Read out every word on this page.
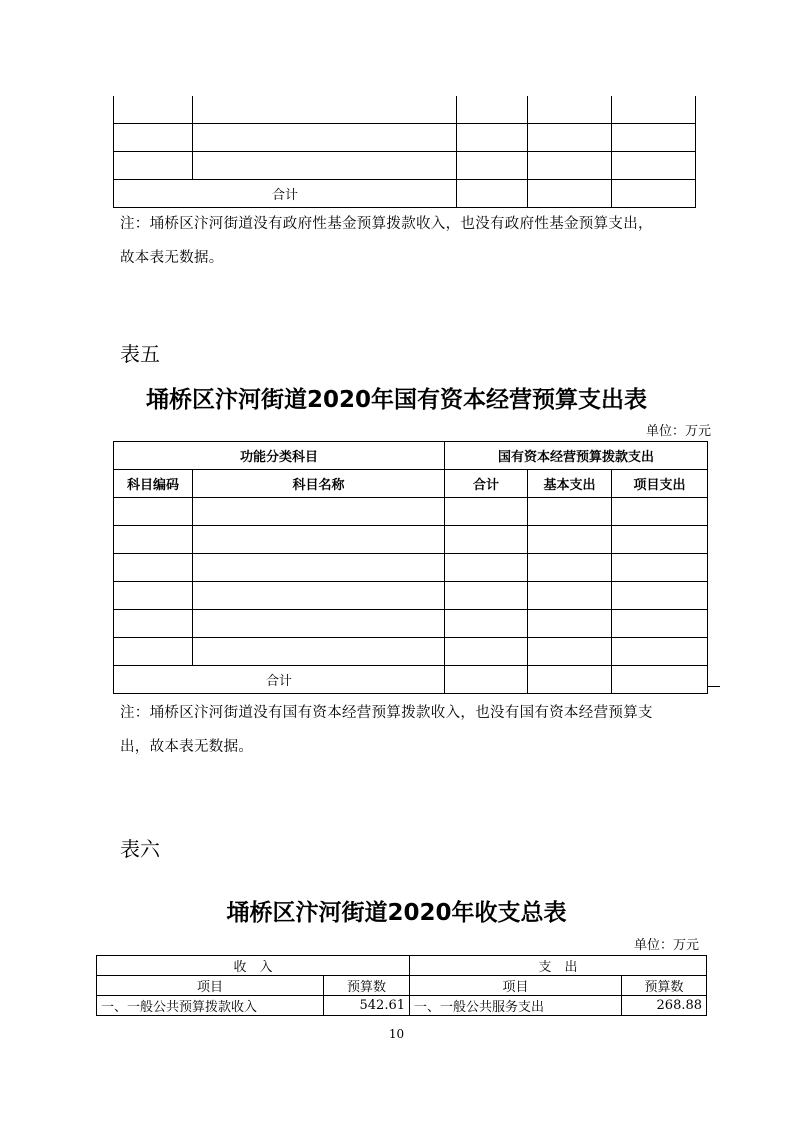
合计				
注：埇桥区汴河街道没有政府性基金预算拨款收入，也没有政府性基金预算支出，
故本表无数据。
表五
埇桥区汴河街道2020年国有资本经营预算支出表
单位：万元
功能分类科目		国有资本经营预算拨款支出		
科目编码	科目名称	合计	基本支出	项目支出

合计				
注：埇桥区汴河街道没有国有资本经营预算拨款收入，也没有国有资本经营预算支
出，故本表无数据。
表六
埇桥区汴河街道2020年收支总表
单位：万元
收　入		支　出	
项目	预算数	项目	预算数
一、一般公共预算拨款收入	542.61	一、一般公共服务支出	268.88
10
